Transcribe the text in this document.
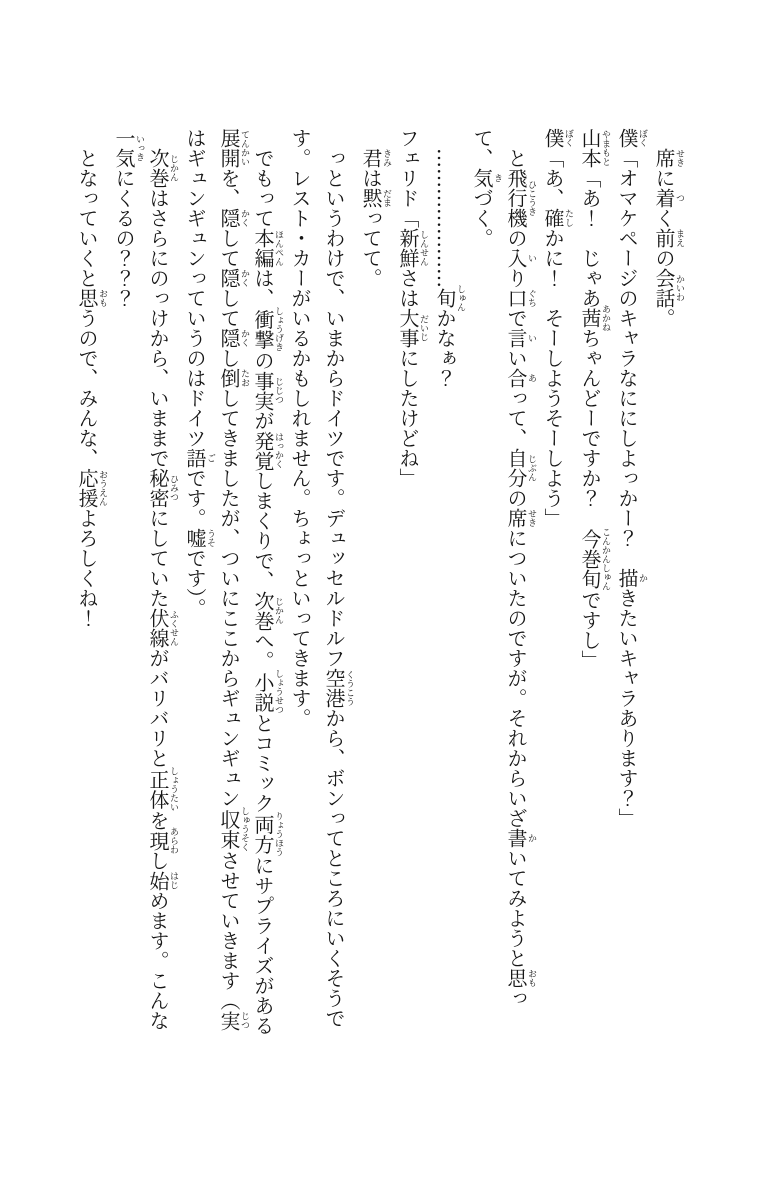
席せきに着つく前まえの会話かいわ。

僕ぼく「オマケページのキャラなににしよっかー？　描かきたいキャラあります？」

山本やまもと「あ！　じゃあ茜あかねちゃんどーですか？　今巻旬こんかんしゅんですし」

僕ぼく「あ、確たしかに！　そーしようそーしよう」

と飛行機ひこうきの入いり口ぐちで言いい合あって、自分じぶんの席せきについたのですが。それからいざ書かいてみようと思おもって、気きづく。

…………………旬しゅんかなぁ？

フェリド「新鮮しんせんさは大事だいじにしたけどね」

君きみは黙だまってて。

っというわけで、いまからドイツです。デュッセルドルフ空港くうこうから、ボンってところにいくそうです。レスト・カーがいるかもしれません。ちょっといってきます。

でもって本編ほんぺんは、衝撃しょうげきの事実じじつが発覚はっかくしまくりで、次巻じかんへ。小説しょうせつとコミック両方りょうほうにサプライズがある展開てんかいを、隠かくして隠かくして隠かくし倒たおしてきましたが、ついにここからギュンギュン収束しゅうそくさせていきます（実じつはギュンギュンっていうのはドイツ語ごです。嘘うそです）。

次巻じかんはさらにのっけから、いままで秘密ひみつにしていた伏線ふくせんがバリバリと正体しょうたいを現あらわし始はじめます。こんな一気いっきにくるの？？？

となっていくと思おもうので、みんな、応援おうえんよろしくね！
